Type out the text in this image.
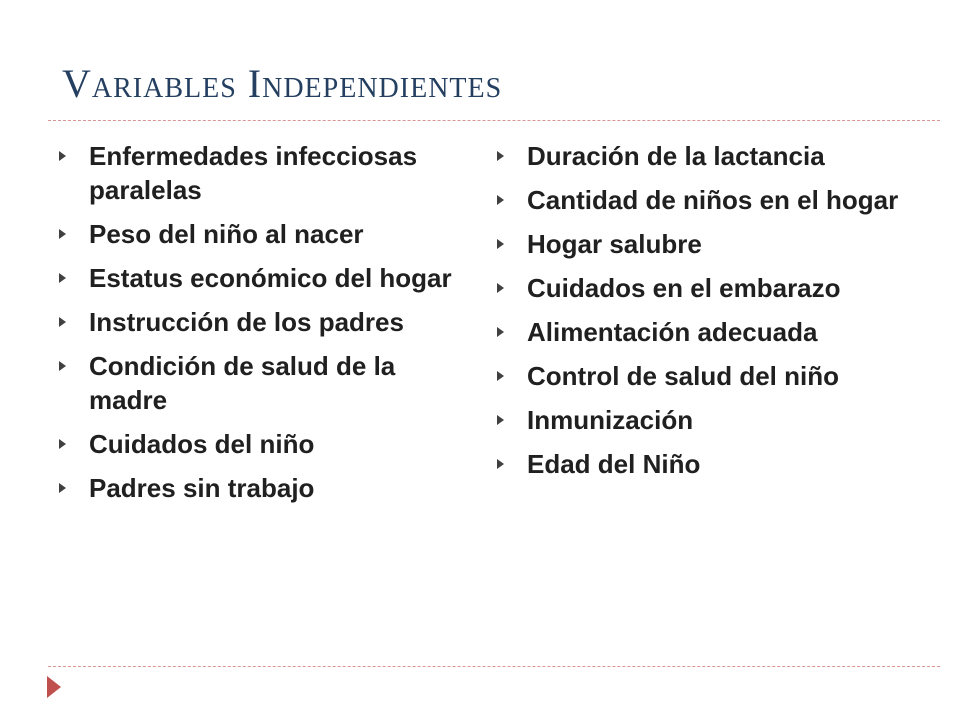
Variables Independientes
Enfermedades infecciosas paralelas
Peso del niño al nacer
Estatus económico del hogar
Instrucción de los padres
Condición de salud de la madre
Cuidados del niño
Padres sin trabajo
Duración de la lactancia
Cantidad de niños en el hogar
Hogar salubre
Cuidados en el embarazo
Alimentación adecuada
Control de salud del niño
Inmunización
Edad del Niño
